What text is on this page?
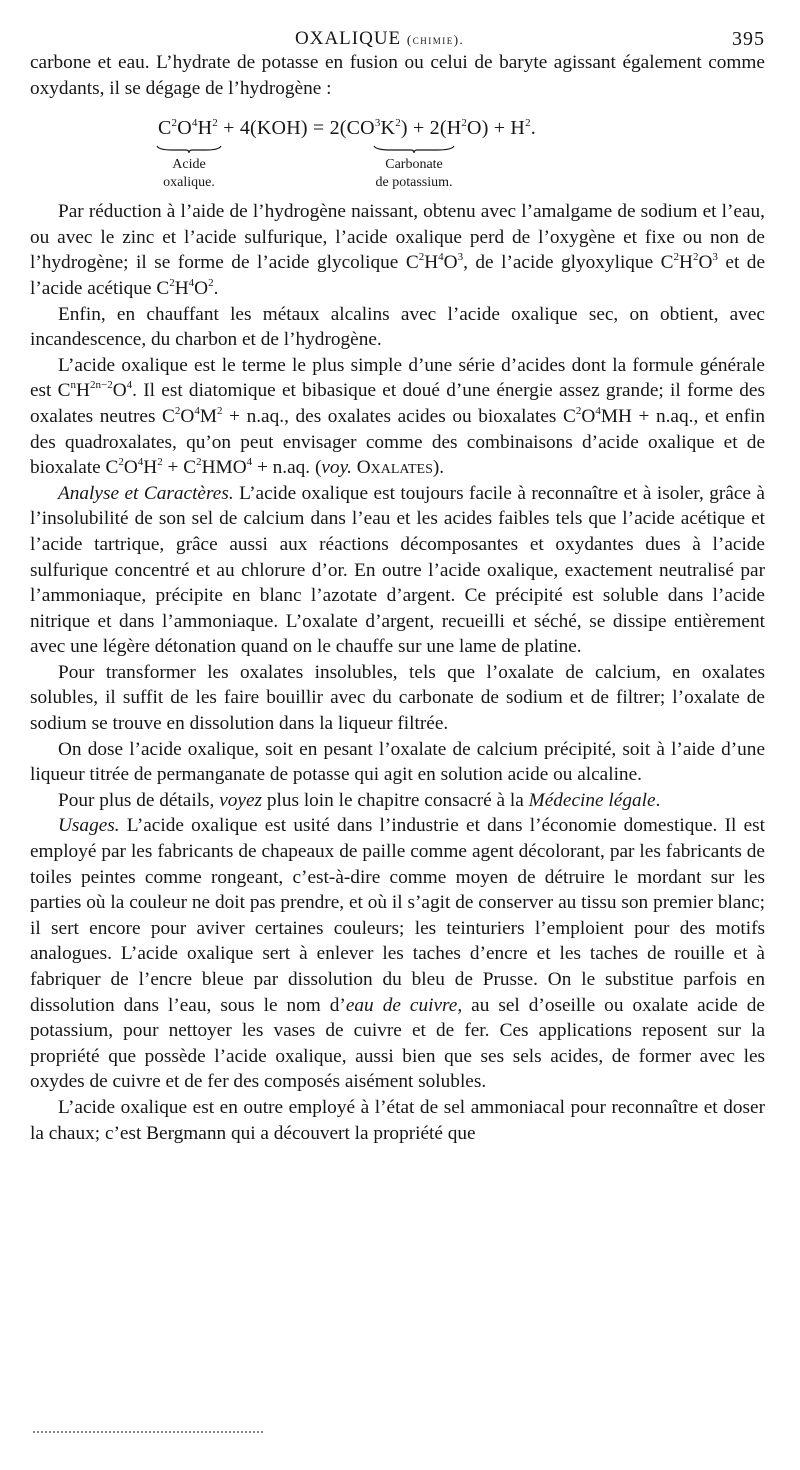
OXALIQUE (chimie).	395

carbone et eau. L’hydrate de potasse en fusion ou celui de baryte agissant également comme oxydants, il se dégage de l’hydrogène :

$C^2O^4H^2 + 4(KOH) = 2(CO^3K^2) + 2(H^2O) + H^2$.
Acide
oxalique.
Carbonate
de potassium.

Par réduction à l’aide de l’hydrogène naissant, obtenu avec l’amalgame de sodium et l’eau, ou avec le zinc et l’acide sulfurique, l’acide oxalique perd de l’oxygène et fixe ou non de l’hydrogène; il se forme de l’acide glycolique $C^2H^4O^3$, de l’acide glyoxylique $C^2H^2O^3$ et de l’acide acétique $C^2H^4O^2$.

Enfin, en chauffant les métaux alcalins avec l’acide oxalique sec, on obtient, avec incandescence, du charbon et de l’hydrogène.

L’acide oxalique est le terme le plus simple d’une série d’acides dont la formule générale est $C^nH^{2n-2}O^4$. Il est diatomique et bibasique et doué d’une énergie assez grande; il forme des oxalates neutres $C^2O^4M^2 + n.aq$., des oxalates acides ou bioxalates $C^2O^4MH + n.aq$., et enfin des quadroxalates, qu’on peut envisager comme des combinaisons d’acide oxalique et de bioxalate $C^2O^4H^2 + C^2HMO^4 + n.aq$. (voy. Oxalates).

Analyse et Caractères. L’acide oxalique est toujours facile à reconnaître et à isoler, grâce à l’insolubilité de son sel de calcium dans l’eau et les acides faibles tels que l’acide acétique et l’acide tartrique, grâce aussi aux réactions décomposantes et oxydantes dues à l’acide sulfurique concentré et au chlorure d’or. En outre l’acide oxalique, exactement neutralisé par l’ammoniaque, précipite en blanc l’azotate d’argent. Ce précipité est soluble dans l’acide nitrique et dans l’ammoniaque. L’oxalate d’argent, recueilli et séché, se dissipe entièrement avec une légère détonation quand on le chauffe sur une lame de platine.

Pour transformer les oxalates insolubles, tels que l’oxalate de calcium, en oxalates solubles, il suffit de les faire bouillir avec du carbonate de sodium et de filtrer; l’oxalate de sodium se trouve en dissolution dans la liqueur filtrée.

On dose l’acide oxalique, soit en pesant l’oxalate de calcium précipité, soit à l’aide d’une liqueur titrée de permanganate de potasse qui agit en solution acide ou alcaline.

Pour plus de détails, voyez plus loin le chapitre consacré à la Médecine légale.

Usages. L’acide oxalique est usité dans l’industrie et dans l’économie domestique. Il est employé par les fabricants de chapeaux de paille comme agent décolorant, par les fabricants de toiles peintes comme rongeant, c’est-à-dire comme moyen de détruire le mordant sur les parties où la couleur ne doit pas prendre, et où il s’agit de conserver au tissu son premier blanc; il sert encore pour aviver certaines couleurs; les teinturiers l’emploient pour des motifs analogues. L’acide oxalique sert à enlever les taches d’encre et les taches de rouille et à fabriquer de l’encre bleue par dissolution du bleu de Prusse. On le substitue parfois en dissolution dans l’eau, sous le nom d’eau de cuivre, au sel d’oseille ou oxalate acide de potassium, pour nettoyer les vases de cuivre et de fer. Ces applications reposent sur la propriété que possède l’acide oxalique, aussi bien que ses sels acides, de former avec les oxydes de cuivre et de fer des composés aisément solubles.

L’acide oxalique est en outre employé à l’état de sel ammoniacal pour reconnaître et doser la chaux; c’est Bergmann qui a découvert la propriété que
